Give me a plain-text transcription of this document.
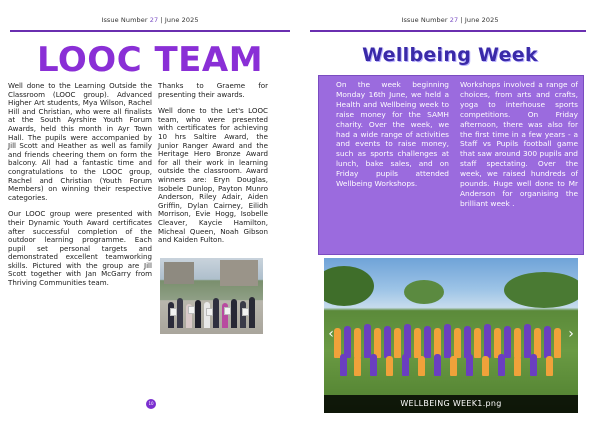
Issue Number 27 | June 2025
LOOC TEAM

Well done to the Learning Outside the Classroom (LOOC group). Advanced Higher Art students, Mya Wilson, Rachel Hill and Christian, who were all finalists at the South Ayrshire Youth Forum Awards, held this month in Ayr Town Hall. The pupils were accompanied by Jill Scott and Heather as well as family and friends cheering them on form the balcony. All had a fantastic time and congratulations to the LOOC group, Rachel and Christian (Youth Forum Members) on winning their respective categories.

Our LOOC group were presented with their Dynamic Youth Award certificates after successful completion of the outdoor learning programme. Each pupil set personal targets and demonstrated excellent teamworking skills. Pictured with the group are Jill Scott together with Jan McGarry from Thriving Communities team.

Thanks to Graeme for presenting their awards.

Well done to the Let's LOOC team, who were presented with certificates for achieving 10 hrs Saltire Award, the Junior Ranger Award and the Heritage Hero Bronze Award for all their work in learning outside the classroom. Award winners are: Eryn Douglas, Isobele Dunlop, Payton Munro Anderson, Riley Adair, Aiden Griffin, Dylan Cairney, Eilidh Morrison, Evie Hogg, Isobelle Cleaver, Kaycie Hamilton, Micheal Queen, Noah Gibson and Kaiden Fulton.

10
Issue Number 27 | June 2025
Wellbeing Week
On the week beginning Monday 16th June, we held a Health and Wellbeing week to raise money for the SAMH charity. Over the week, we had a wide range of activities and events to raise money, such as sports challenges at lunch, bake sales, and on Friday pupils attended Wellbeing Workshops.
Workshops involved a range of choices, from arts and crafts, yoga to interhouse sports competitions. On Friday afternoon, there was also for the first time in a few years - a Staff vs Pupils football game that saw around 300 pupils and staff spectating. Over the week, we raised hundreds of pounds. Huge well done to Mr Anderson for organising the brilliant week .
‹	›
WELLBEING WEEK1.png
